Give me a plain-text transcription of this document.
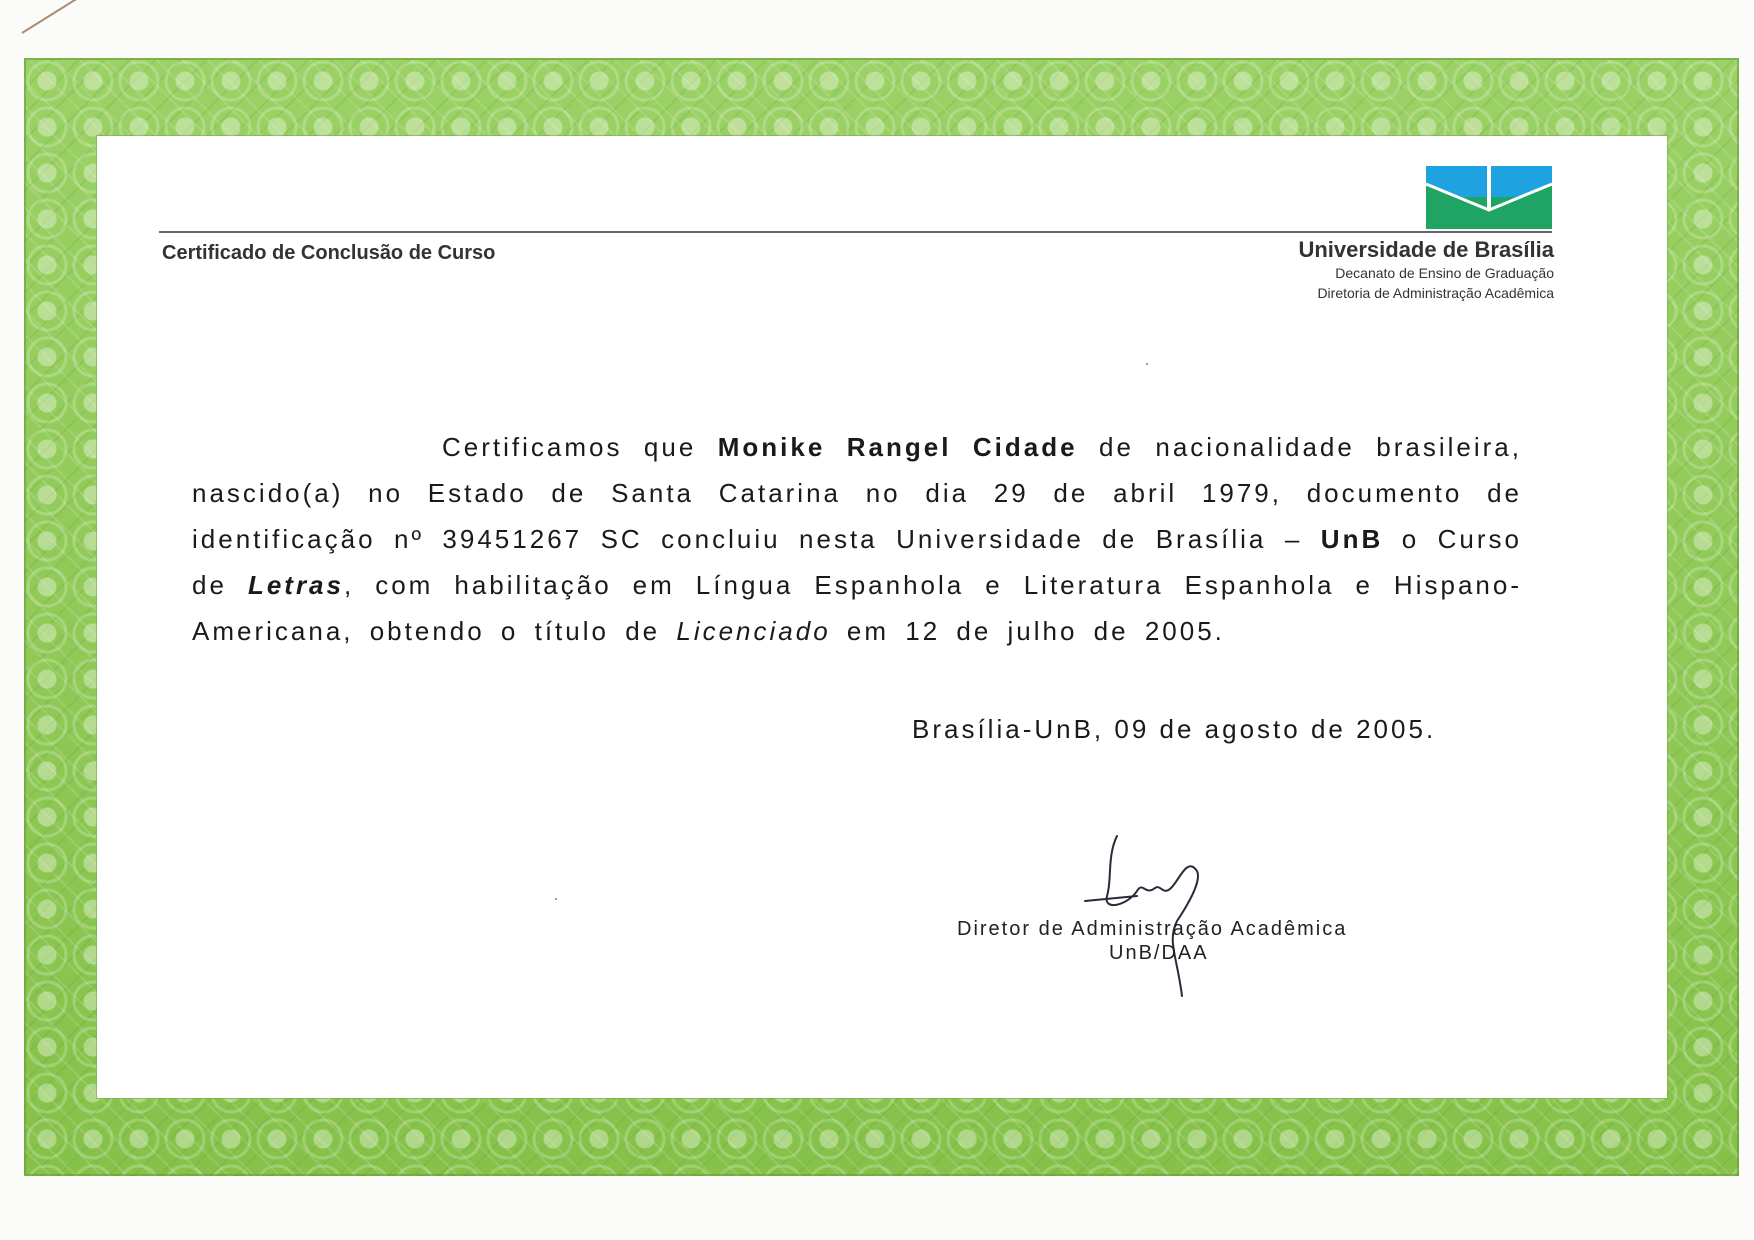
Certificado de Conclusão de Curso	Universidade de Brasília
Decanato de Ensino de Graduação
Diretoria de Administração Acadêmica
Certificamos que Monike Rangel Cidade de nacionalidade brasileira, nascido(a) no Estado de Santa Catarina no dia 29 de abril 1979, documento de identificação nº 39451267 SC concluiu nesta Universidade de Brasília – UnB o Curso de Letras, com habilitação em Língua Espanhola e Literatura Espanhola e Hispano-Americana, obtendo o título de Licenciado em 12 de julho de 2005.
Brasília-UnB, 09 de agosto de 2005.
Diretor de Administração Acadêmica
UnB/DAA
